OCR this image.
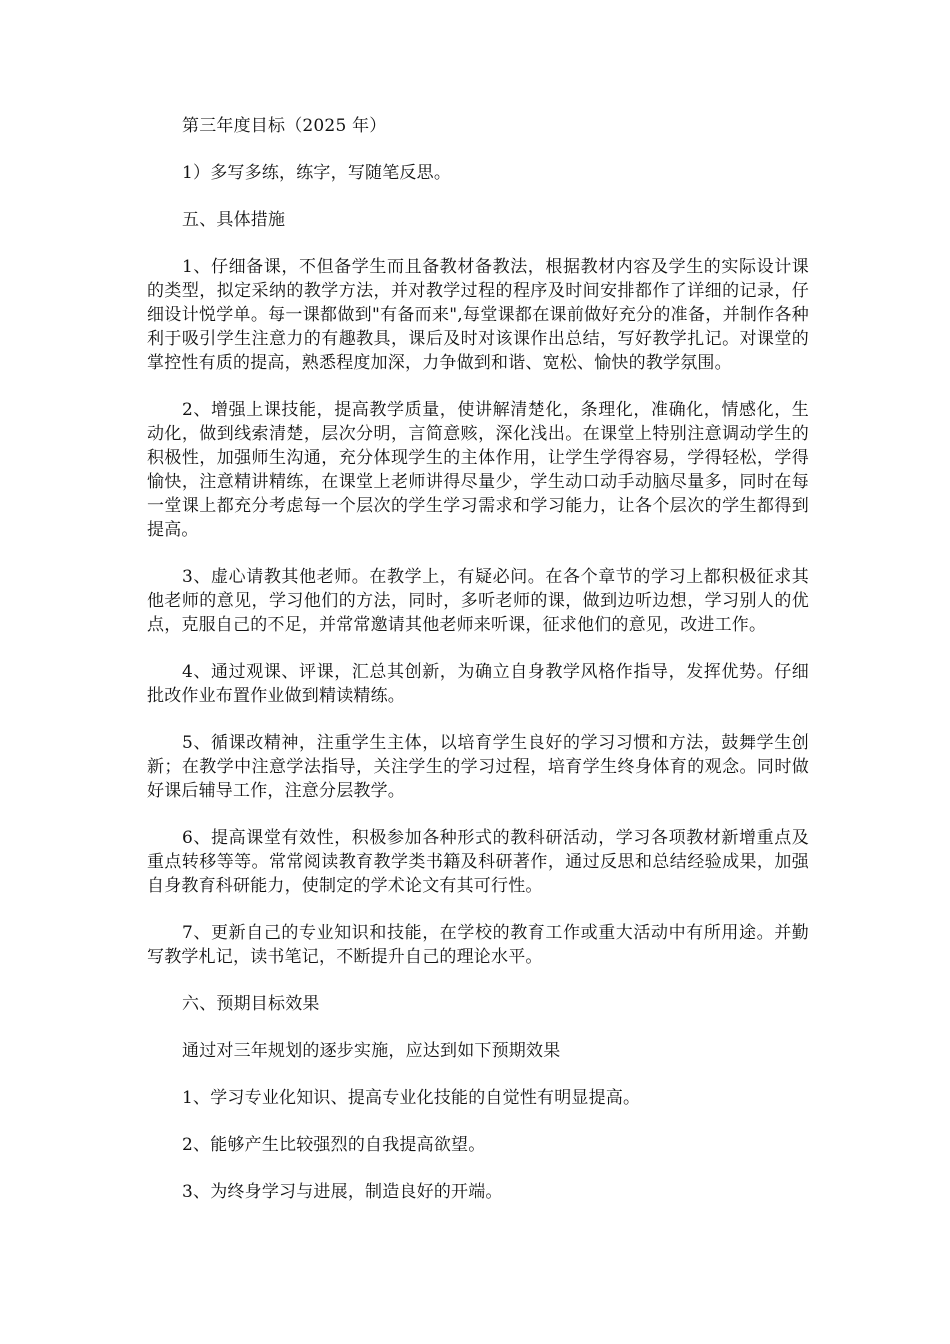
第三年度目标（2025 年）

1）多写多练，练字，写随笔反思。

五、具体措施

1、仔细备课，不但备学生而且备教材备教法，根据教材内容及学生的实际设计课的类型，拟定采纳的教学方法，并对教学过程的程序及时间安排都作了详细的记录，仔细设计悦学单。每一课都做到"有备而来",每堂课都在课前做好充分的准备，并制作各种利于吸引学生注意力的有趣教具，课后及时对该课作出总结，写好教学扎记。对课堂的掌控性有质的提高，熟悉程度加深，力争做到和谐、宽松、愉快的教学氛围。

2、增强上课技能，提高教学质量，使讲解清楚化，条理化，准确化，情感化，生动化，做到线索清楚，层次分明，言简意赅，深化浅出。在课堂上特别注意调动学生的积极性，加强师生沟通，充分体现学生的主体作用，让学生学得容易，学得轻松，学得愉快，注意精讲精练，在课堂上老师讲得尽量少，学生动口动手动脑尽量多，同时在每一堂课上都充分考虑每一个层次的学生学习需求和学习能力，让各个层次的学生都得到提高。

3、虚心请教其他老师。在教学上，有疑必问。在各个章节的学习上都积极征求其他老师的意见，学习他们的方法，同时，多听老师的课，做到边听边想，学习别人的优点，克服自己的不足，并常常邀请其他老师来听课，征求他们的意见，改进工作。

4、通过观课、评课，汇总其创新，为确立自身教学风格作指导，发挥优势。仔细批改作业布置作业做到精读精练。

5、循课改精神，注重学生主体，以培育学生良好的学习习惯和方法，鼓舞学生创新；在教学中注意学法指导，关注学生的学习过程，培育学生终身体育的观念。同时做好课后辅导工作，注意分层教学。

6、提高课堂有效性，积极参加各种形式的教科研活动，学习各项教材新增重点及重点转移等等。常常阅读教育教学类书籍及科研著作，通过反思和总结经验成果，加强自身教育科研能力，使制定的学术论文有其可行性。

7、更新自己的专业知识和技能，在学校的教育工作或重大活动中有所用途。并勤写教学札记，读书笔记，不断提升自己的理论水平。

六、预期目标效果

通过对三年规划的逐步实施，应达到如下预期效果

1、学习专业化知识、提高专业化技能的自觉性有明显提高。

2、能够产生比较强烈的自我提高欲望。

3、为终身学习与进展，制造良好的开端。
